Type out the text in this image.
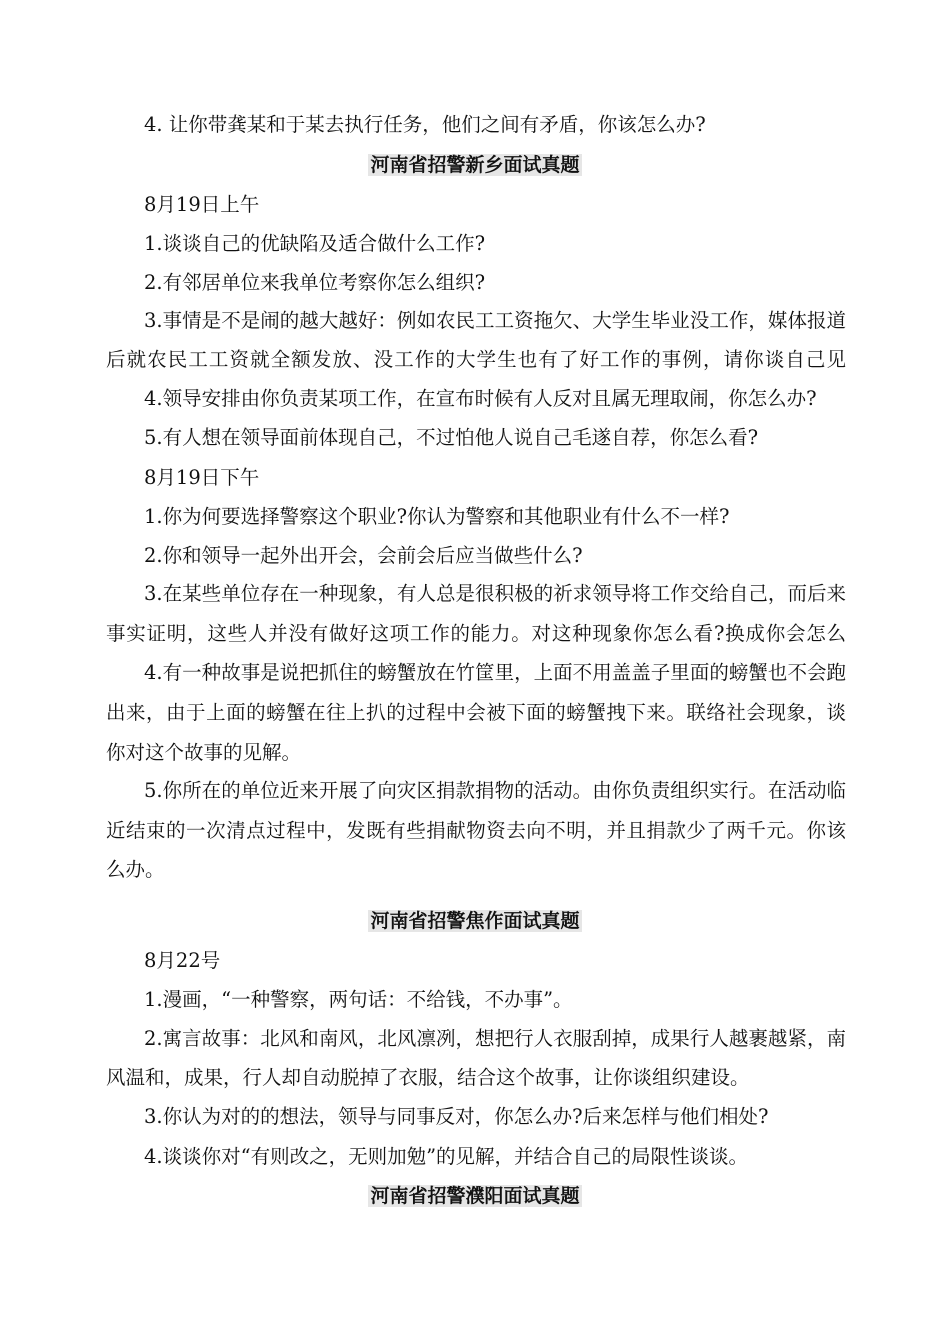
4. 让你带龚某和于某去执行任务，他们之间有矛盾，你该怎么办?
河南省招警新乡面试真题
8月19日上午
1.谈谈自己的优缺陷及适合做什么工作?
2.有邻居单位来我单位考察你怎么组织?
3.事情是不是闹的越大越好：例如农民工工资拖欠、大学生毕业没工作，媒体报道
后就农民工工资就全额发放、没工作的大学生也有了好工作的事例，请你谈自己见
4.领导安排由你负责某项工作，在宣布时候有人反对且属无理取闹，你怎么办?
5.有人想在领导面前体现自己，不过怕他人说自己毛遂自荐，你怎么看?
8月19日下午
1.你为何要选择警察这个职业?你认为警察和其他职业有什么不一样?
2.你和领导一起外出开会，会前会后应当做些什么?
3.在某些单位存在一种现象，有人总是很积极的祈求领导将工作交给自己，而后来
事实证明，这些人并没有做好这项工作的能力。对这种现象你怎么看?换成你会怎么
4.有一种故事是说把抓住的螃蟹放在竹筐里，上面不用盖盖子里面的螃蟹也不会跑
出来，由于上面的螃蟹在往上扒的过程中会被下面的螃蟹拽下来。联络社会现象，谈
你对这个故事的见解。
5.你所在的单位近来开展了向灾区捐款捐物的活动。由你负责组织实行。在活动临
近结束的一次清点过程中，发既有些捐献物资去向不明，并且捐款少了两千元。你该
么办。
河南省招警焦作面试真题
8月22号
1.漫画，“一种警察，两句话：不给钱，不办事”。
2.寓言故事：北风和南风，北风凛冽，想把行人衣服刮掉，成果行人越裹越紧，南
风温和，成果，行人却自动脱掉了衣服，结合这个故事，让你谈组织建设。
3.你认为对的的想法，领导与同事反对，你怎么办?后来怎样与他们相处?
4.谈谈你对“有则改之，无则加勉”的见解，并结合自己的局限性谈谈。
河南省招警濮阳面试真题
